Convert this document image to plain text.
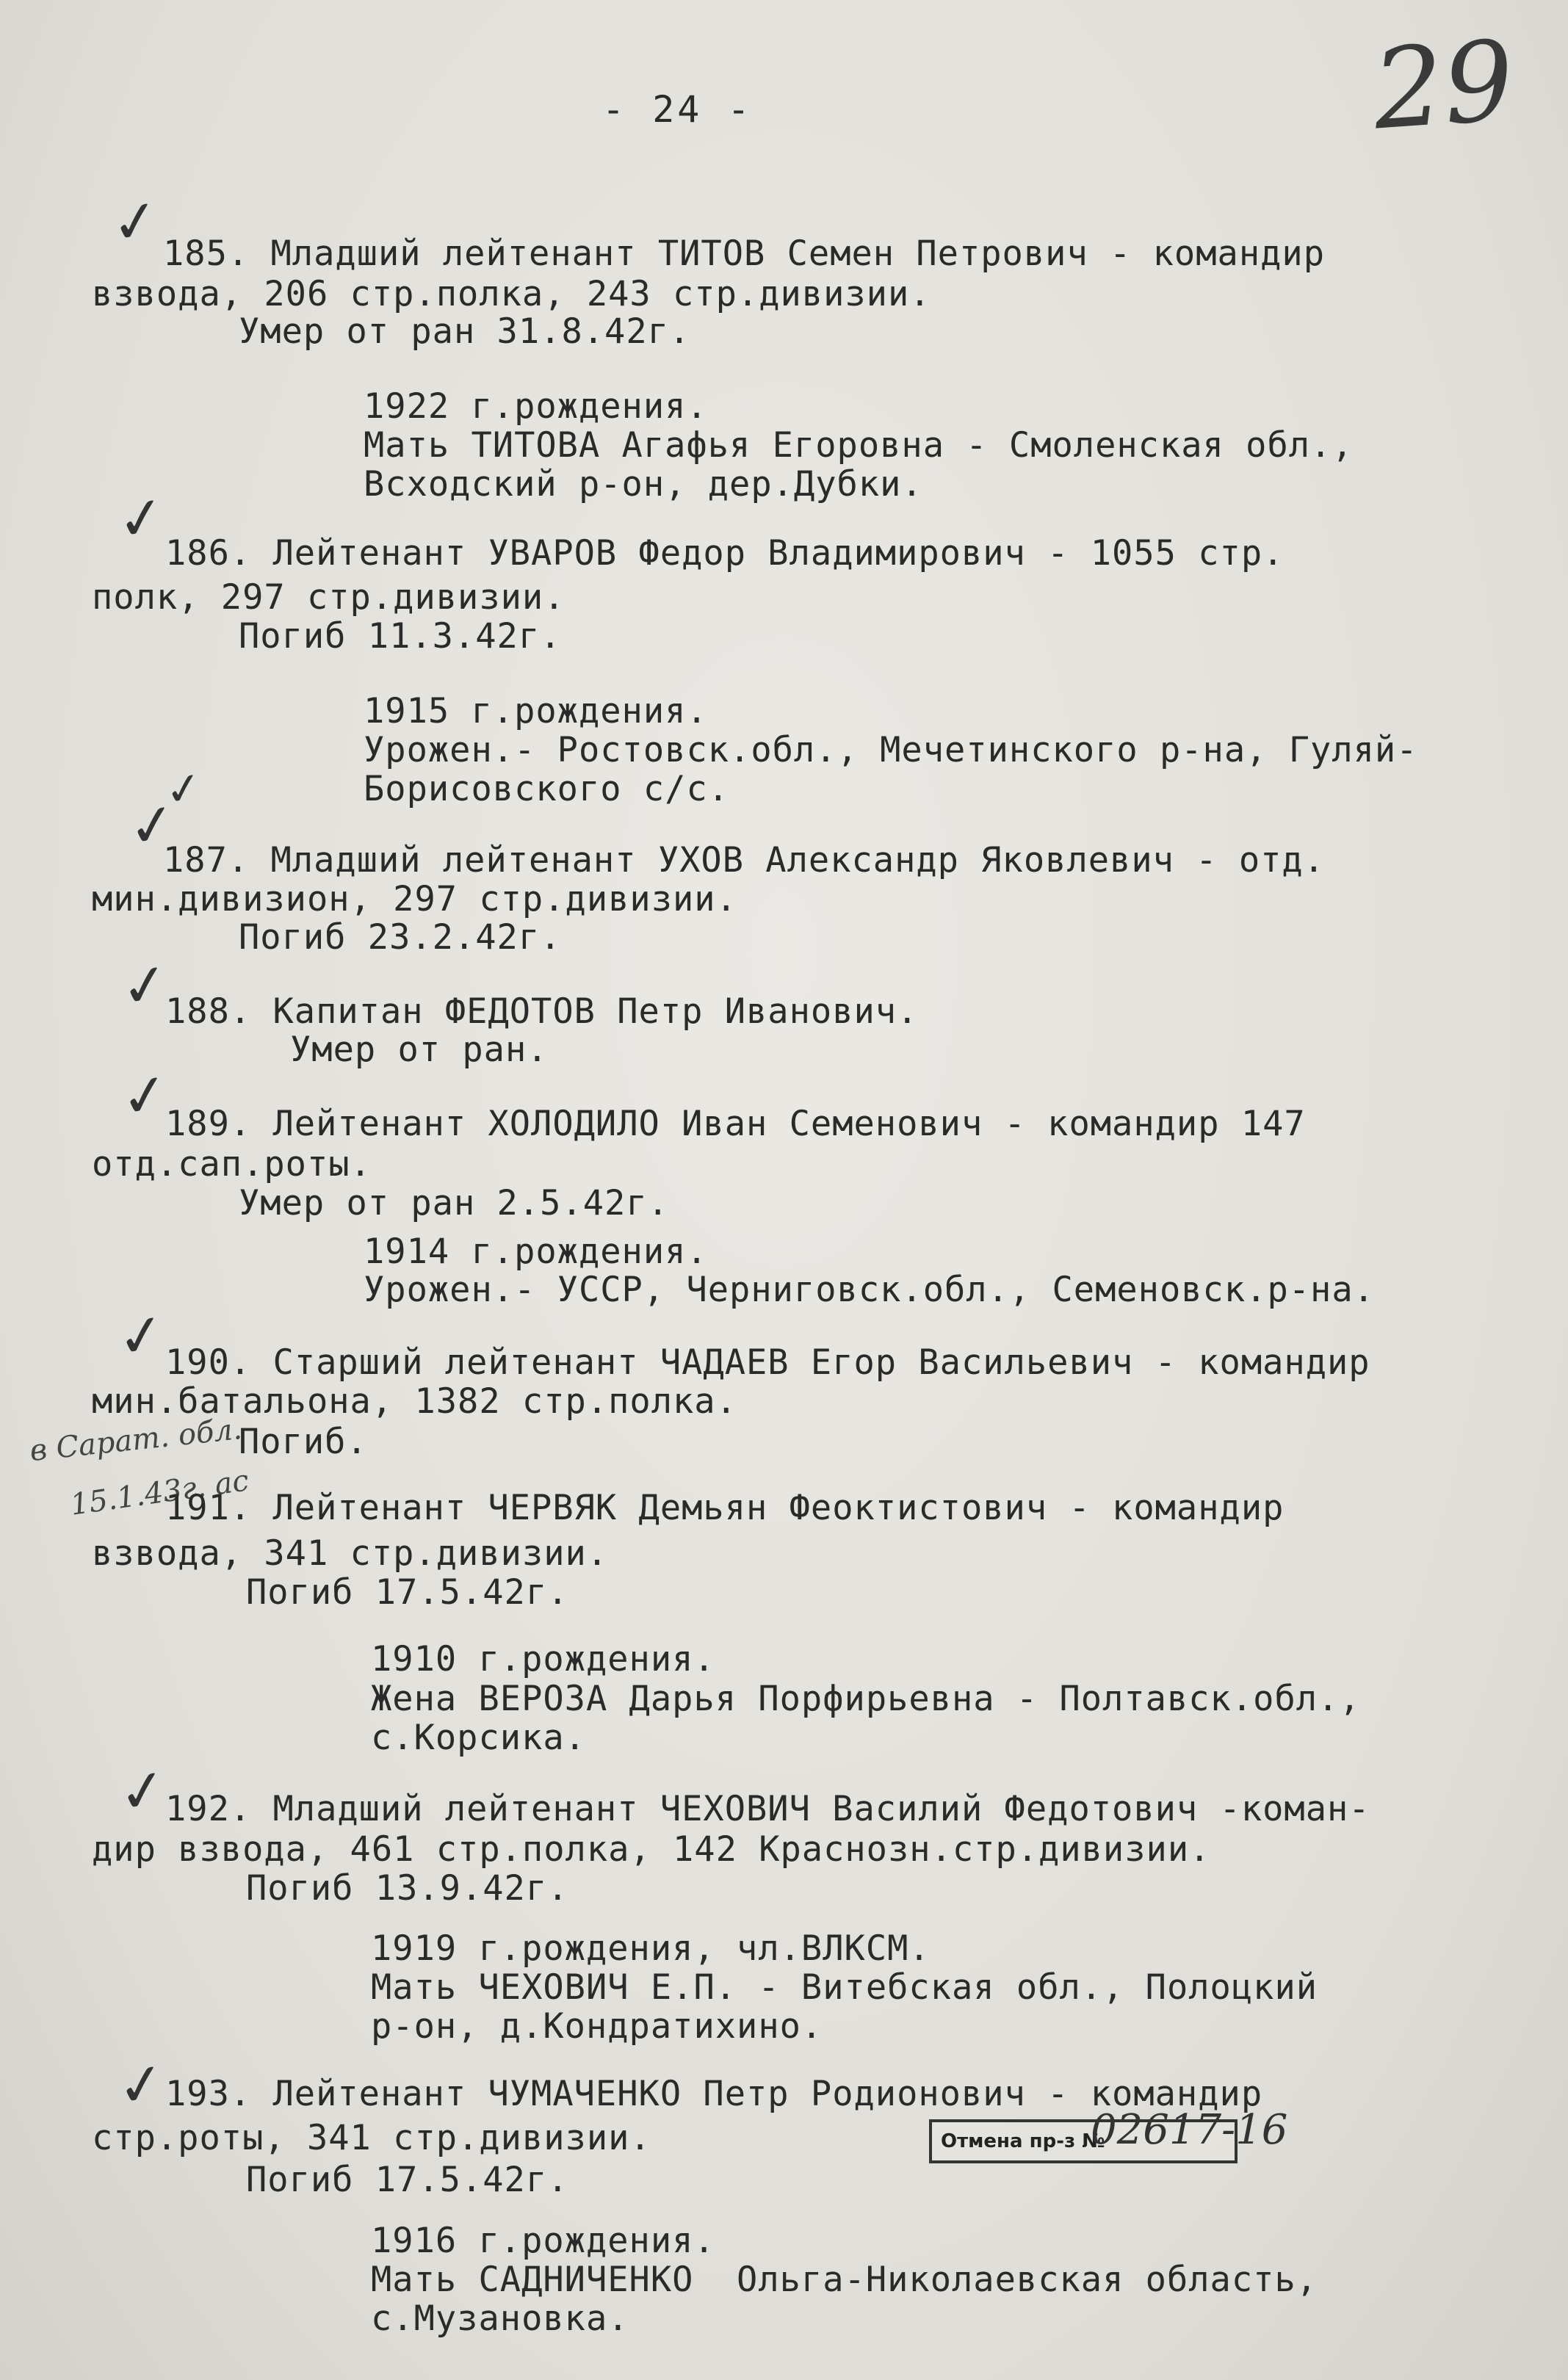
29
- 24 -
✓
185. Младший лейтенант ТИТОВ Семен Петрович - командир
взвода, 206 стр.полка, 243 стр.дивизии.
Умер от ран 31.8.42г.
1922 г.рождения.
Мать ТИТОВА Агафья Егоровна - Смоленская обл.,
Всходский р-он, дер.Дубки.
✓
186. Лейтенант УВАРОВ Федор Владимирович - 1055 стр.
полк, 297 стр.дивизии.
Погиб 11.3.42г.
1915 г.рождения.
Урожен.- Ростовск.обл., Мечетинского р-на, Гуляй-
Борисовского с/с.
✓
✓
187. Младший лейтенант УХОВ Александр Яковлевич - отд.
мин.дивизион, 297 стр.дивизии.
Погиб 23.2.42г.
✓
188. Капитан ФЕДОТОВ Петр Иванович.
Умер от ран.
✓
189. Лейтенант ХОЛОДИЛО Иван Семенович - командир 147
отд.сап.роты.
Умер от ран 2.5.42г.
1914 г.рождения.
Урожен.- УССР, Черниговск.обл., Семеновск.р-на.
✓
190. Старший лейтенант ЧАДАЕВ Егор Васильевич - командир
мин.батальона, 1382 стр.полка.
в Сарат. обл.
Погиб.
15.1.43г. ас
191. Лейтенант ЧЕРВЯК Демьян Феоктистович - командир
взвода, 341 стр.дивизии.
Погиб 17.5.42г.
1910 г.рождения.
Жена ВЕРОЗА Дарья Порфирьевна - Полтавск.обл.,
с.Корсика.
✓
192. Младший лейтенант ЧЕХОВИЧ Василий Федотович -коман-
дир взвода, 461 стр.полка, 142 Краснозн.стр.дивизии.
Погиб 13.9.42г.
1919 г.рождения, чл.ВЛКСМ.
Мать ЧЕХОВИЧ Е.П. - Витебская обл., Полоцкий
р-он, д.Кондратихино.
✓
193. Лейтенант ЧУМАЧЕНКО Петр Родионович - командир
стр.роты, 341 стр.дивизии.
Погиб 17.5.42г.
1916 г.рождения.
Мать САДНИЧЕНКО  Ольга-Николаевская область,
с.Музановка.
Отмена пр-з №
02617-16
